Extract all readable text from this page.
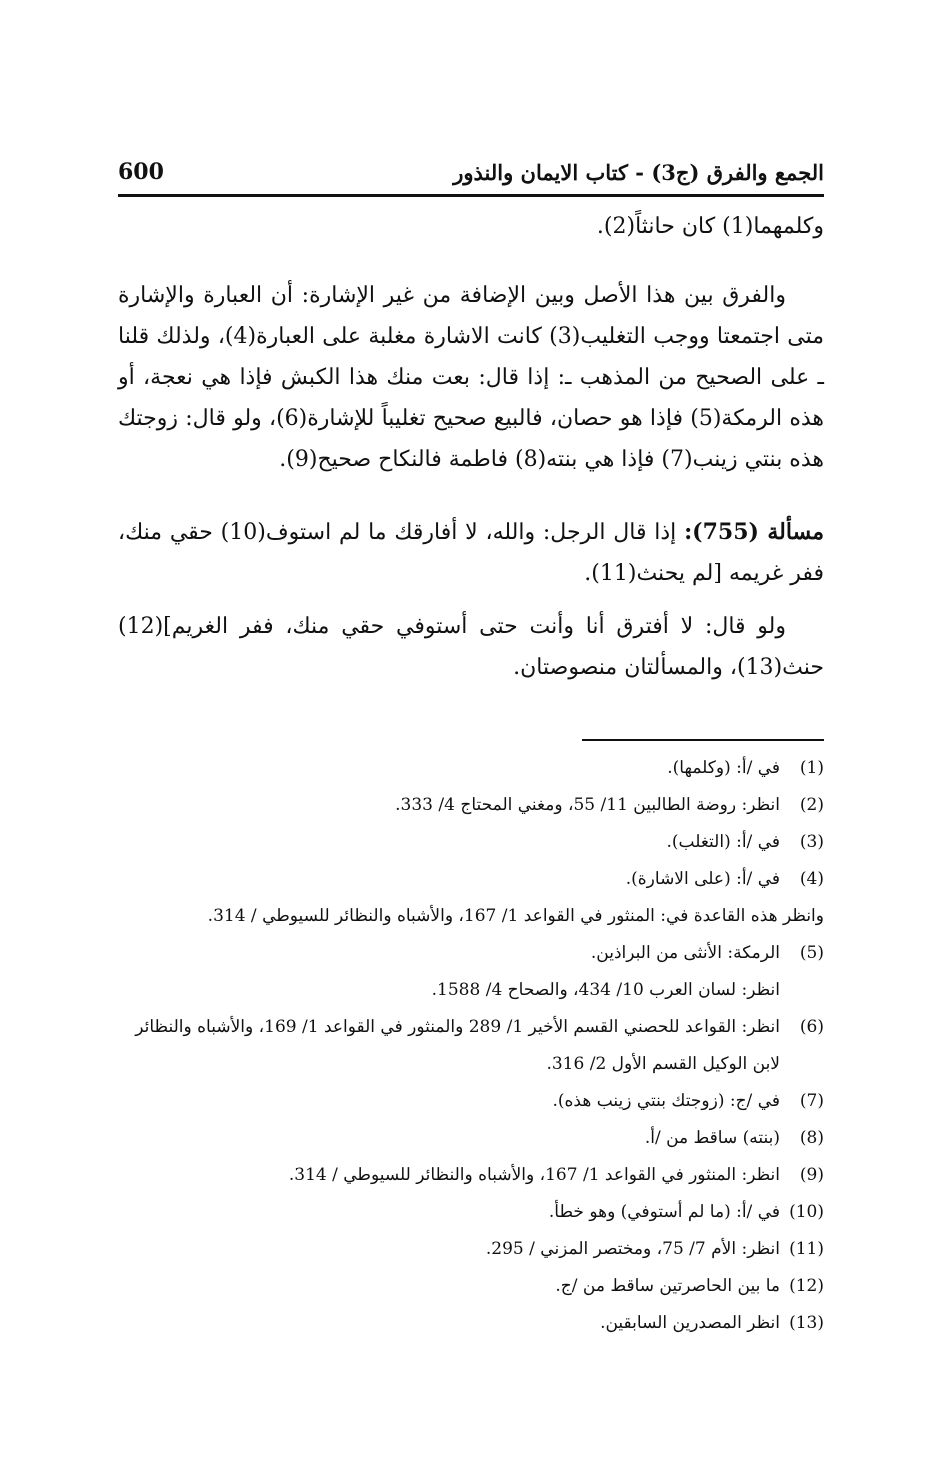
الجمع والفرق (ج3) - كتاب الايمان والنذور
600

وكلمهما(1) كان حانثاً(2).

والفرق بين هذا الأصل وبين الإضافة من غير الإشارة: أن العبارة والإشارة متى اجتمعتا ووجب التغليب(3) كانت الاشارة مغلبة على العبارة(4)، ولذلك قلنا ـ على الصحيح من المذهب ـ: إذا قال: بعت منك هذا الكبش فإذا هي نعجة، أو هذه الرمكة(5) فإذا هو حصان، فالبيع صحيح تغليباً للإشارة(6)، ولو قال: زوجتك هذه بنتي زينب(7) فإذا هي بنته(8) فاطمة فالنكاح صحيح(9).

مسألة (755): إذا قال الرجل: والله، لا أفارقك ما لم استوف(10) حقي منك، ففر غريمه [لم يحنث(11).

ولو قال: لا أفترق أنا وأنت حتى أستوفي حقي منك، ففر الغريم](12) حنث(13)، والمسألتان منصوصتان.

(1)
في /أ: (وكلمها).
(2)
انظر: روضة الطالبين 11/ 55، ومغني المحتاج 4/ 333.
(3)
في /أ: (التغلب).
(4)
في /أ: (على الاشارة).
وانظر هذه القاعدة في: المنثور في القواعد 1/ 167، والأشباه والنظائر للسيوطي / 314.
(5)
الرمكة: الأنثى من البراذين.
انظر: لسان العرب 10/ 434، والصحاح 4/ 1588.
(6)
انظر: القواعد للحصني القسم الأخير 1/ 289 والمنثور في القواعد 1/ 169، والأشباه والنظائر لابن الوكيل القسم الأول 2/ 316.
(7)
في /ج: (زوجتك بنتي زينب هذه).
(8)
(بنته) ساقط من /أ.
(9)
انظر: المنثور في القواعد 1/ 167، والأشباه والنظائر للسيوطي / 314.
(10)
في /أ: (ما لم أستوفي) وهو خطأ.
(11)
انظر: الأم 7/ 75، ومختصر المزني / 295.
(12)
ما بين الحاصرتين ساقط من /ج.
(13)
انظر المصدرين السابقين.
